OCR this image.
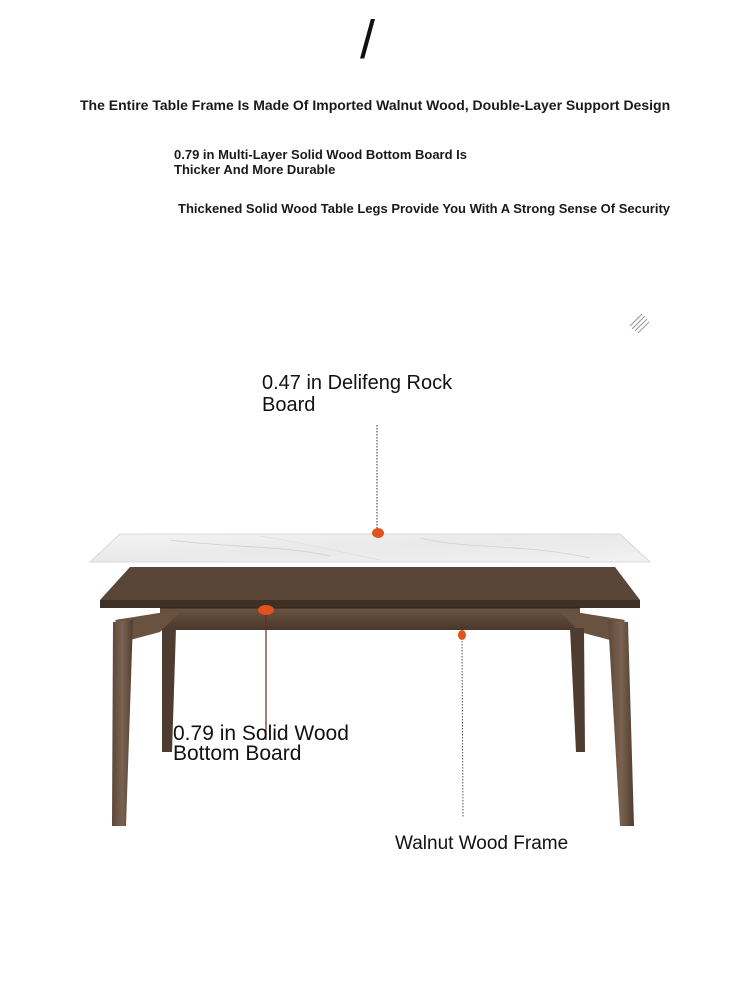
/
The Entire Table Frame Is Made Of Imported Walnut Wood, Double-Layer Support Design
0.79 in Multi-Layer Solid Wood Bottom Board Is Thicker And More Durable
Thickened Solid Wood Table Legs Provide You With A Strong Sense Of Security
0.47 in Delifeng Rock Board
0.79 in Solid Wood Bottom Board
Walnut Wood Frame
